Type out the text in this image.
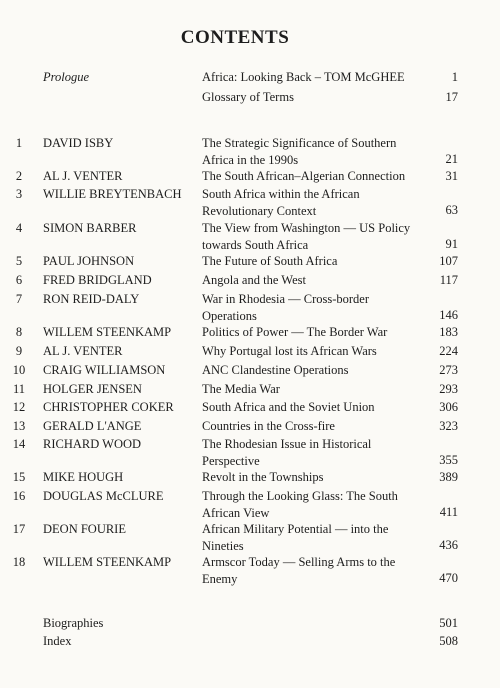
CONTENTS
Prologue	Africa: Looking Back – TOM McGHEE	1
Glossary of Terms	17
1	DAVID ISBY	The Strategic Significance of Southern Africa in the 1990s	21
2	AL J. VENTER	The South African–Algerian Connection	31
3	WILLIE BREYTENBACH	South Africa within the African Revolutionary Context	63
4	SIMON BARBER	The View from Washington — US Policy towards South Africa	91
5	PAUL JOHNSON	The Future of South Africa	107
6	FRED BRIDGLAND	Angola and the West	117
7	RON REID-DALY	War in Rhodesia — Cross-border Operations	146
8	WILLEM STEENKAMP	Politics of Power — The Border War	183
9	AL J. VENTER	Why Portugal lost its African Wars	224
10 CRAIG WILLIAMSON	ANC Clandestine Operations	273
11 HOLGER JENSEN	The Media War	293
12 CHRISTOPHER COKER	South Africa and the Soviet Union	306
13 GERALD L'ANGE	Countries in the Cross-fire	323
14 RICHARD WOOD	The Rhodesian Issue in Historical Perspective	355
15 MIKE HOUGH	Revolt in the Townships	389
16 DOUGLAS McCLURE	Through the Looking Glass: The South African View	411
17 DEON FOURIE	African Military Potential — into the Nineties	436
18 WILLEM STEENKAMP	Armscor Today — Selling Arms to the Enemy	470
Biographies	501
Index	508
